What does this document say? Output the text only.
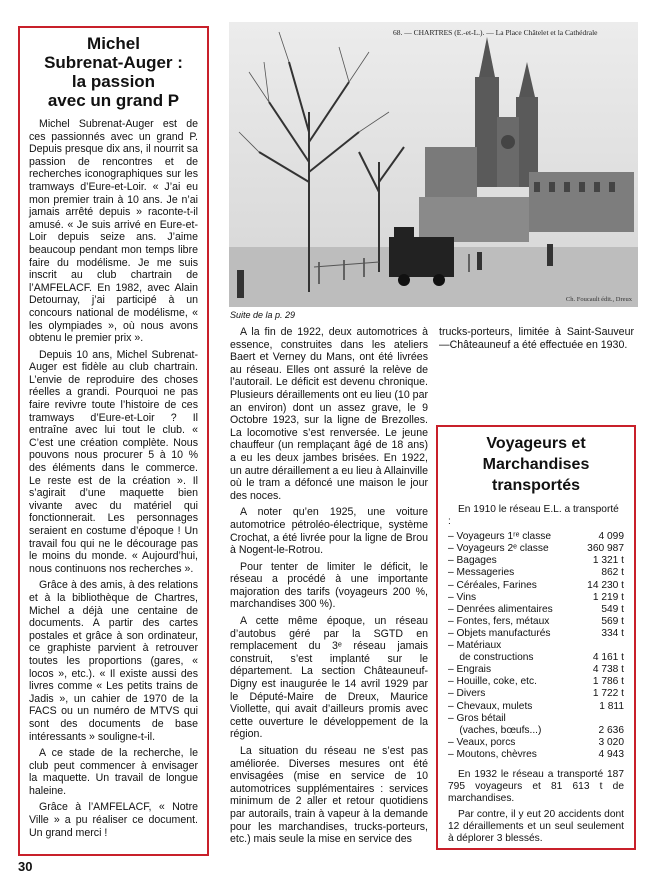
Michel
Subrenat-Auger :
la passion
avec un grand P

Michel Subrenat-Auger est de ces passionnés avec un grand P. Depuis presque dix ans, il nourrit sa passion de rencontres et de recherches iconographiques sur les tramways d’Eure-et-Loir. « J’ai eu mon premier train à 10 ans. Je n’ai jamais arrêté depuis » raconte-t-il amusé. « Je suis arrivé en Eure-et-Loir depuis seize ans. J’aime beaucoup pendant mon temps libre faire du modélisme. Je me suis inscrit au club chartrain de l’AMFELACF. En 1982, avec Alain Detournay, j’ai participé à un concours national de modélisme, « les olympiades », où nous avons obtenu le premier prix ».

Depuis 10 ans, Michel Subrenat-Auger est fidèle au club chartrain. L’envie de reproduire des choses réelles a grandi. Pourquoi ne pas faire revivre toute l’histoire de ces tramways d’Eure-et-Loir ? Il entraîne avec lui tout le club. « C’est une création complète. Nous pouvons nous procurer 5 à 10 % des éléments dans le commerce. Le reste est de la création ». Il s’agirait d’une maquette bien vivante avec du matériel qui fonctionnerait. Les personnages seraient en costume d’époque ! Un travail fou qui ne le décourage pas le moins du monde. « Aujourd’hui, nous continuons nos recherches ».

Grâce à des amis, à des relations et à la bibliothèque de Chartres, Michel a déjà une centaine de documents. A partir des cartes postales et grâce à son ordinateur, ce graphiste parvient à retrouver toutes les proportions (gares, « locos », etc.). « Il existe aussi des livres comme « Les petits trains de Jadis », un cahier de 1970 de la FACS ou un numéro de MTVS qui sont des documents de base intéressants » souligne-t-il.

A ce stade de la recherche, le club peut commencer à envisager la maquette. Un travail de longue haleine.

Grâce à l’AMFELACF, « Notre Ville » a pu réaliser ce document. Un grand merci !

68. — CHARTRES (E.-et-L.). — La Place Châtelet et la Cathédrale
Ch. Foucault édit., Dreux
Suite de la p. 29

A la fin de 1922, deux automotrices à essence, construites dans les ateliers Baert et Verney du Mans, ont été livrées au réseau. Elles ont assuré la relève de l’autorail. Le déficit est devenu chronique. Plusieurs déraillements ont eu lieu (10 par an environ) dont un assez grave, le 9 Octobre 1923, sur la ligne de Brezolles. La locomotive s’est renversée. Le jeune chauffeur (un remplaçant âgé de 18 ans) a eu les deux jambes brisées. En 1922, un autre déraillement a eu lieu à Allainville où le tram a défoncé une maison le jour des noces.

A noter qu’en 1925, une voiture automotrice pétroléo-électrique, système Crochat, a été livrée pour la ligne de Brou à Nogent-le-Rotrou.

Pour tenter de limiter le déficit, le réseau a procédé à une importante majoration des tarifs (voyageurs 200 %, marchandises 300 %).

A cette même époque, un réseau d’autobus géré par la SGTD en remplacement du 3ᵉ réseau jamais construit, s’est implanté sur le département. La section Châteauneuf-Digny est inaugurée le 14 avril 1929 par le Député-Maire de Dreux, Maurice Viollette, qui avait d’ailleurs promis avec cette ouverture le développement de la région.

La situation du réseau ne s’est pas améliorée. Diverses mesures ont été envisagées (mise en service de 10 automotrices supplémentaires : services minimum de 2 aller et retour quotidiens par autorails, train à vapeur à la demande pour les marchandises, trucks-porteurs, etc.) mais seule la mise en service des

trucks-porteurs, limitée à Saint-Sauveur—Châteauneuf a été effectuée en 1930.

Voyageurs et
Marchandises
transportés
En 1910 le réseau E.L. a transporté :
– Voyageurs 1ʳᵉ classe	4 099
– Voyageurs 2ᵉ classe	360 987
– Bagages	1 321 t
– Messageries	862 t
– Céréales, Farines	14 230 t
– Vins	1 219 t
– Denrées alimentaires	549 t
– Fontes, fers, métaux	569 t
– Objets manufacturés	334 t
– Matériaux
de constructions	4 161 t
– Engrais	4 738 t
– Houille, coke, etc.	1 786 t
– Divers	1 722 t
– Chevaux, mulets	1 811
– Gros bétail
(vaches, bœufs...)	2 636
– Veaux, porcs	3 020
– Moutons, chèvres	4 943

En 1932 le réseau a transporté 187 795 voyageurs et 81 613 t de marchandises.

Par contre, il y eut 20 accidents dont 12 déraillements et un seul seulement à déplorer 3 blessés.

30
